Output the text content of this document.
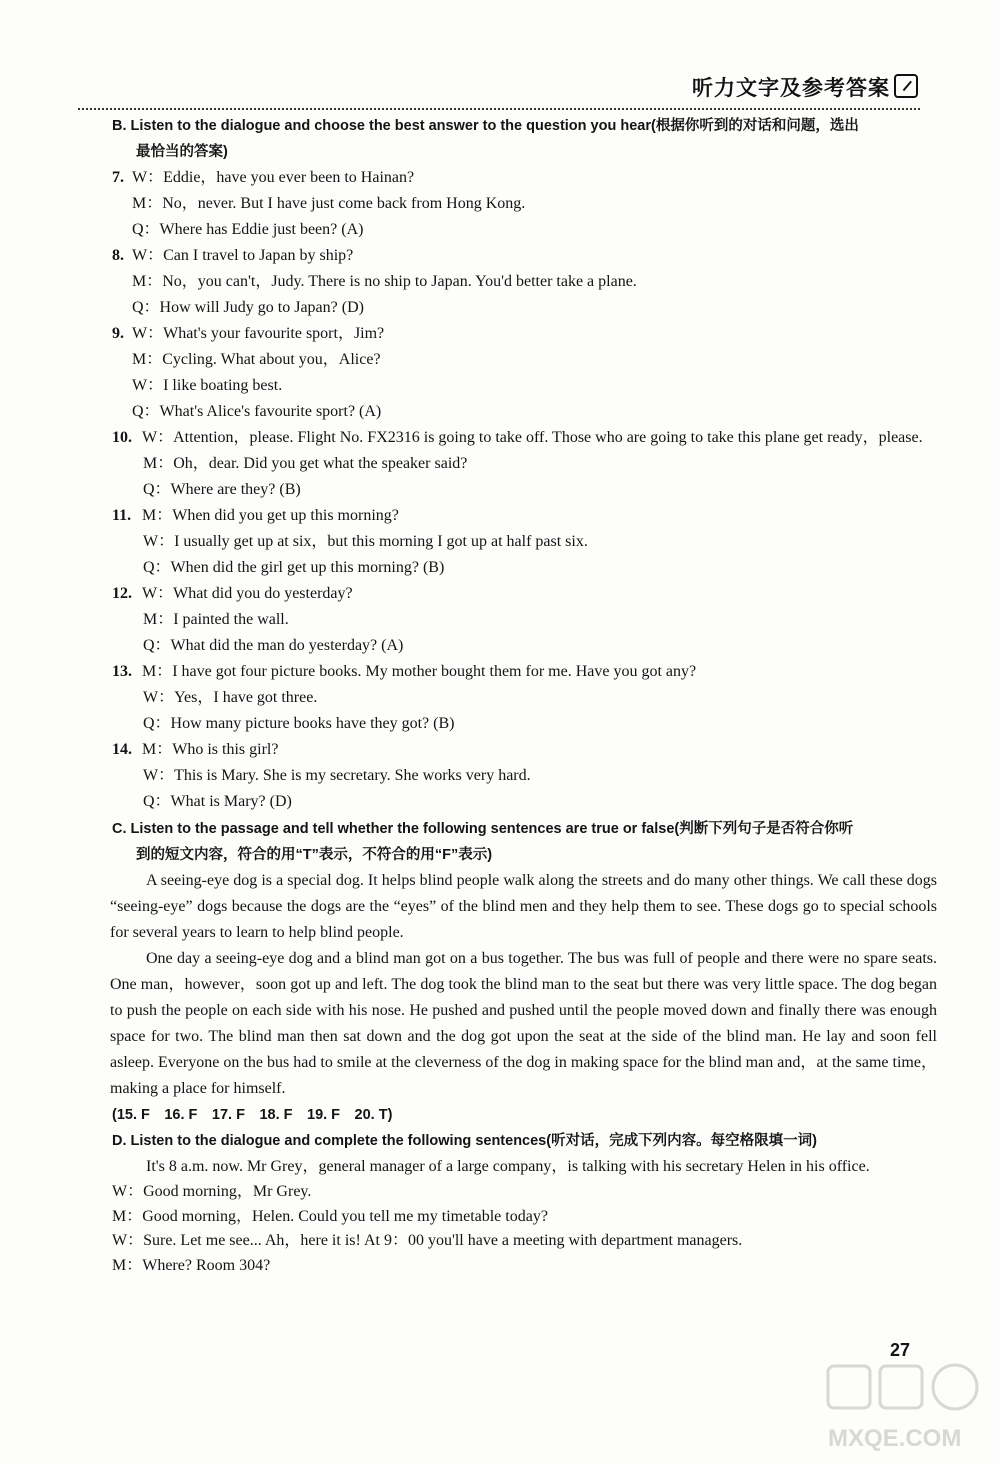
听力文字及参考答案
B. Listen to the dialogue and choose the best answer to the question you hear(根据你听到的对话和问题，选出
最恰当的答案)
7. W：Eddie，have you ever been to Hainan?
M：No，never. But I have just come back from Hong Kong.
Q：Where has Eddie just been? (A)
8. W：Can I travel to Japan by ship?
M：No，you can't，Judy. There is no ship to Japan. You'd better take a plane.
Q：How will Judy go to Japan? (D)
9. W：What's your favourite sport，Jim?
M：Cycling. What about you，Alice?
W：I like boating best.
Q：What's Alice's favourite sport? (A)
10. W：Attention，please. Flight No. FX2316 is going to take off. Those who are going to take this plane get ready，please.
M：Oh，dear. Did you get what the speaker said?
Q：Where are they? (B)
11. M：When did you get up this morning?
W：I usually get up at six，but this morning I got up at half past six.
Q：When did the girl get up this morning? (B)
12. W：What did you do yesterday?
M：I painted the wall.
Q：What did the man do yesterday? (A)
13. M：I have got four picture books. My mother bought them for me. Have you got any?
W：Yes，I have got three.
Q：How many picture books have they got? (B)
14. M：Who is this girl?
W：This is Mary. She is my secretary. She works very hard.
Q：What is Mary? (D)
C. Listen to the passage and tell whether the following sentences are true or false(判断下列句子是否符合你听
到的短文内容，符合的用“T”表示，不符合的用“F”表示)

A seeing-eye dog is a special dog. It helps blind people walk along the streets and do many other things. We call these dogs “seeing-eye” dogs because the dogs are the “eyes” of the blind men and they help them to see. These dogs go to special schools for several years to learn to help blind people.

One day a seeing-eye dog and a blind man got on a bus together. The bus was full of people and there were no spare seats. One man，however，soon got up and left. The dog took the blind man to the seat but there was very little space. The dog began to push the people on each side with his nose. He pushed and pushed until the people moved down and finally there was enough space for two. The blind man then sat down and the dog got upon the seat at the side of the blind man. He lay and soon fell asleep. Everyone on the bus had to smile at the cleverness of the dog in making space for the blind man and，at the same time，making a place for himself.

(15. F　16. F　17. F　18. F　19. F　20. T)
D. Listen to the dialogue and complete the following sentences(听对话，完成下列内容。每空格限填一词)

It's 8 a.m. now. Mr Grey，general manager of a large company，is talking with his secretary Helen in his office.

W：Good morning，Mr Grey.
M：Good morning，Helen. Could you tell me my timetable today?
W：Sure. Let me see... Ah，here it is! At 9：00 you'll have a meeting with department managers.
M：Where? Room 304?
27
MXQE.COM
